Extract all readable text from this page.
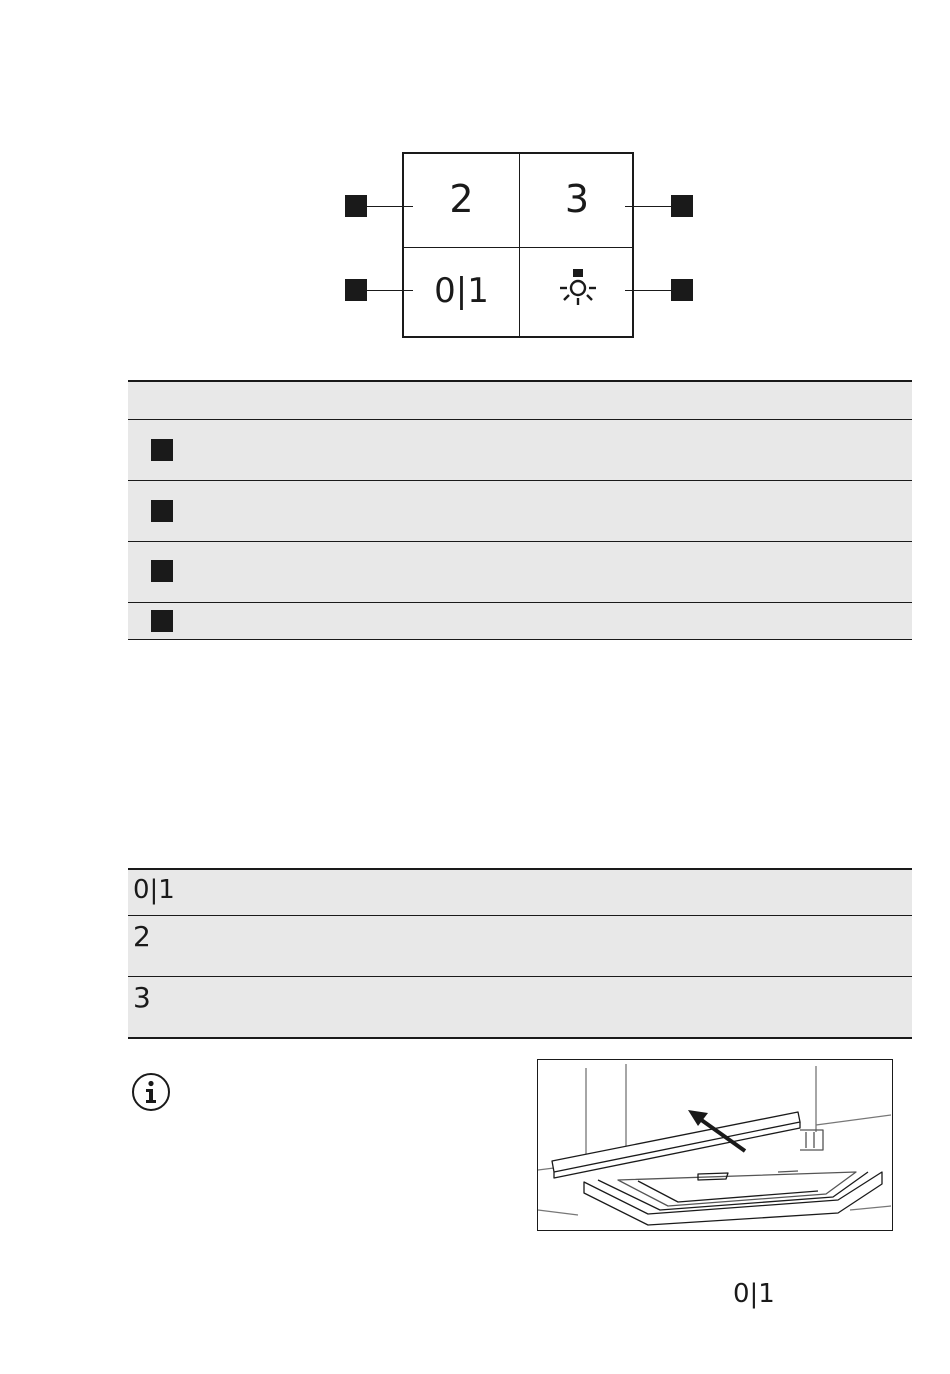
2	3
0|1
0|1
2
3
0|1
